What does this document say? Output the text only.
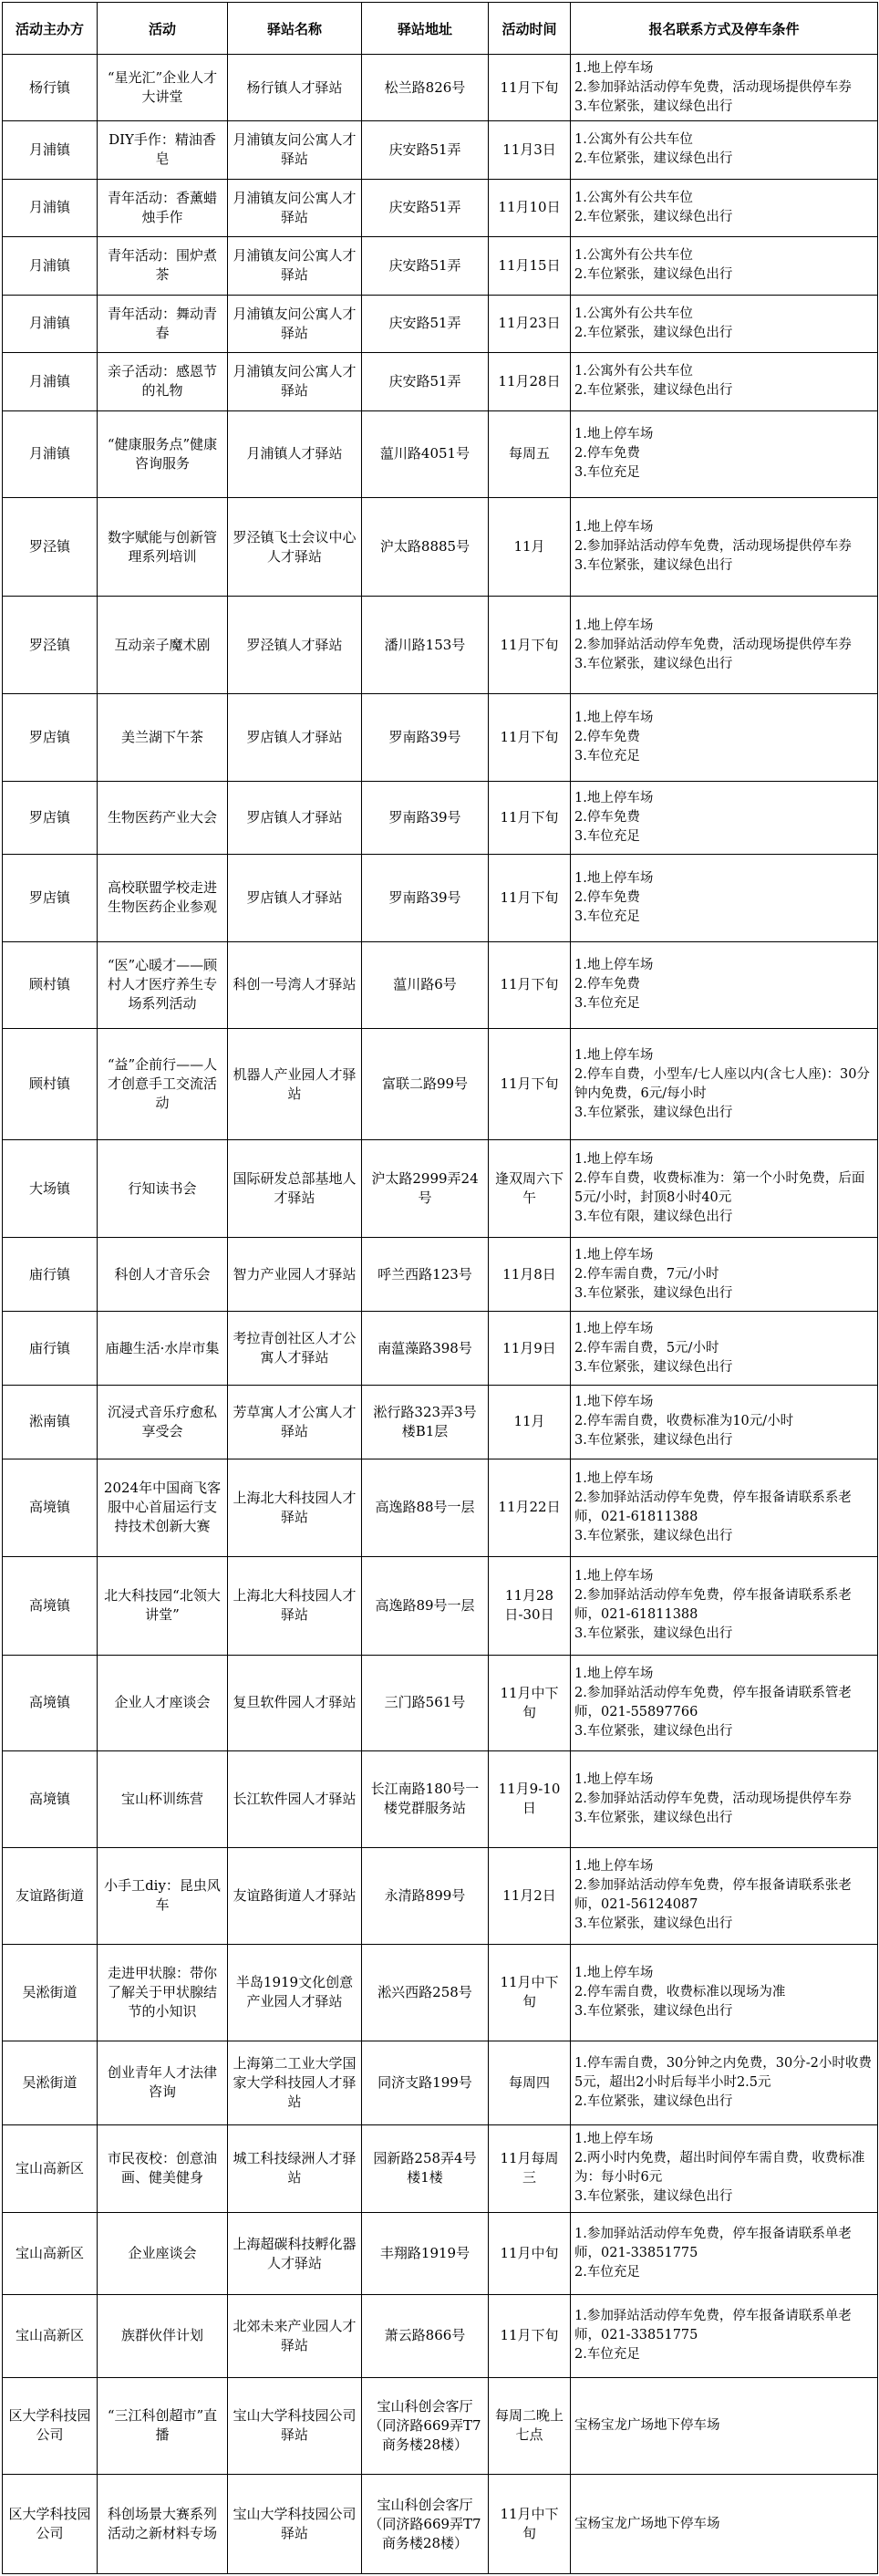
活动主办方	活动	驿站名称	驿站地址	活动时间	报名联系方式及停车条件
杨行镇	“星光汇”企业人才大讲堂	杨行镇人才驿站	松兰路826号	11月下旬	1.地上停车场
2.参加驿站活动停车免费，活动现场提供停车券
3.车位紧张，建议绿色出行
月浦镇	DIY手作：精油香皂	月浦镇友问公寓人才驿站	庆安路51弄	11月3日	1.公寓外有公共车位
2.车位紧张，建议绿色出行
月浦镇	青年活动：香薰蜡烛手作	月浦镇友问公寓人才驿站	庆安路51弄	11月10日	1.公寓外有公共车位
2.车位紧张，建议绿色出行
月浦镇	青年活动：围炉煮茶	月浦镇友问公寓人才驿站	庆安路51弄	11月15日	1.公寓外有公共车位
2.车位紧张，建议绿色出行
月浦镇	青年活动：舞动青春	月浦镇友问公寓人才驿站	庆安路51弄	11月23日	1.公寓外有公共车位
2.车位紧张，建议绿色出行
月浦镇	亲子活动：感恩节的礼物	月浦镇友问公寓人才驿站	庆安路51弄	11月28日	1.公寓外有公共车位
2.车位紧张，建议绿色出行
月浦镇	“健康服务点”健康咨询服务	月浦镇人才驿站	蕰川路4051号	每周五	1.地上停车场
2.停车免费
3.车位充足
罗泾镇	数字赋能与创新管理系列培训	罗泾镇飞士会议中心人才驿站	沪太路8885号	11月	1.地上停车场
2.参加驿站活动停车免费，活动现场提供停车券
3.车位紧张，建议绿色出行
罗泾镇	互动亲子魔术剧	罗泾镇人才驿站	潘川路153号	11月下旬	1.地上停车场
2.参加驿站活动停车免费，活动现场提供停车券
3.车位紧张，建议绿色出行
罗店镇	美兰湖下午茶	罗店镇人才驿站	罗南路39号	11月下旬	1.地上停车场
2.停车免费
3.车位充足
罗店镇	生物医药产业大会	罗店镇人才驿站	罗南路39号	11月下旬	1.地上停车场
2.停车免费
3.车位充足
罗店镇	高校联盟学校走进生物医药企业参观	罗店镇人才驿站	罗南路39号	11月下旬	1.地上停车场
2.停车免费
3.车位充足
顾村镇	“医”心暖才——顾村人才医疗养生专场系列活动	科创一号湾人才驿站	蕰川路6号	11月下旬	1.地上停车场
2.停车免费
3.车位充足
顾村镇	“益”企前行——人才创意手工交流活动	机器人产业园人才驿站	富联二路99号	11月下旬	1.地上停车场
2.停车自费，小型车/七人座以内(含七人座)：30分钟内免费，6元/每小时
3.车位紧张，建议绿色出行
大场镇	行知读书会	国际研发总部基地人才驿站	沪太路2999弄24号	逢双周六下午	1.地上停车场
2.停车自费，收费标准为：第一个小时免费，后面5元/小时，封顶8小时40元
3.车位有限，建议绿色出行
庙行镇	科创人才音乐会	智力产业园人才驿站	呼兰西路123号	11月8日	1.地上停车场
2.停车需自费，7元/小时
3.车位紧张，建议绿色出行
庙行镇	庙趣生活·水岸市集	考拉青创社区人才公寓人才驿站	南蕰藻路398号	11月9日	1.地上停车场
2.停车需自费，5元/小时
3.车位紧张，建议绿色出行
淞南镇	沉浸式音乐疗愈私享受会	芳草寓人才公寓人才驿站	淞行路323弄3号楼B1层	11月	1.地下停车场
2.停车需自费，收费标准为10元/小时
3.车位紧张，建议绿色出行
高境镇	2024年中国商飞客服中心首届运行支持技术创新大赛	上海北大科技园人才驿站	高逸路88号一层	11月22日	1.地上停车场
2.参加驿站活动停车免费，停车报备请联系系老师，021-61811388
3.车位紧张，建议绿色出行
高境镇	北大科技园“北领大讲堂”	上海北大科技园人才驿站	高逸路89号一层	11月28日-30日	1.地上停车场
2.参加驿站活动停车免费，停车报备请联系系老师，021-61811388
3.车位紧张，建议绿色出行
高境镇	企业人才座谈会	复旦软件园人才驿站	三门路561号	11月中下旬	1.地上停车场
2.参加驿站活动停车免费，停车报备请联系管老师，021-55897766
3.车位紧张，建议绿色出行
高境镇	宝山杯训练营	长江软件园人才驿站	长江南路180号一楼党群服务站	11月9-10日	1.地上停车场
2.参加驿站活动停车免费，活动现场提供停车券
3.车位紧张，建议绿色出行
友谊路街道	小手工diy：昆虫风车	友谊路街道人才驿站	永清路899号	11月2日	1.地上停车场
2.参加驿站活动停车免费，停车报备请联系张老师，021-56124087
3.车位紧张，建议绿色出行
吴淞街道	走进甲状腺：带你了解关于甲状腺结节的小知识	半岛1919文化创意产业园人才驿站	淞兴西路258号	11月中下旬	1.地上停车场
2.停车需自费，收费标准以现场为准
3.车位紧张，建议绿色出行
吴淞街道	创业青年人才法律咨询	上海第二工业大学国家大学科技园人才驿站	同济支路199号	每周四	1.停车需自费，30分钟之内免费，30分-2小时收费5元，超出2小时后每半小时2.5元
2.车位紧张，建议绿色出行
宝山高新区	市民夜校：创意油画、健美健身	城工科技绿洲人才驿站	园新路258弄4号楼1楼	11月每周三	1.地上停车场
2.两小时内免费，超出时间停车需自费，收费标准为：每小时6元
3.车位紧张，建议绿色出行
宝山高新区	企业座谈会	上海超碳科技孵化器人才驿站	丰翔路1919号	11月中旬	1.参加驿站活动停车免费，停车报备请联系单老师，021-33851775
2.车位充足
宝山高新区	族群伙伴计划	北郊未来产业园人才驿站	萧云路866号	11月下旬	1.参加驿站活动停车免费，停车报备请联系单老师，021-33851775
2.车位充足
区大学科技园公司	“三江科创超市”直播	宝山大学科技园公司驿站	宝山科创会客厅（同济路669弄T7商务楼28楼）	每周二晚上七点	宝杨宝龙广场地下停车场
区大学科技园公司	科创场景大赛系列活动之新材料专场	宝山大学科技园公司驿站	宝山科创会客厅（同济路669弄T7商务楼28楼）	11月中下旬	宝杨宝龙广场地下停车场
